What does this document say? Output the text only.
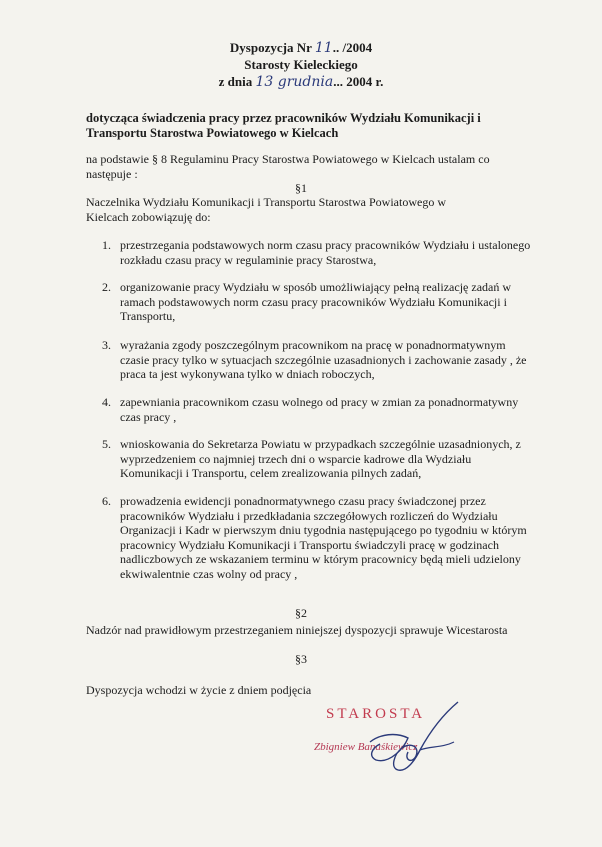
Dyspozycja Nr 11.. /2004
Starosty Kieleckiego
z dnia 13 grudnia... 2004 r.
dotycząca świadczenia pracy przez pracowników Wydziału Komunikacji i Transportu Starostwa Powiatowego w Kielcach
na podstawie § 8 Regulaminu Pracy Starostwa Powiatowego w Kielcach ustalam co następuje :
§1
Naczelnika Wydziału Komunikacji i Transportu Starostwa Powiatowego w Kielcach zobowiązuję do:
1. przestrzegania podstawowych norm czasu pracy pracowników Wydziału i ustalonego rozkładu czasu pracy w regulaminie pracy Starostwa,
2. organizowanie pracy Wydziału w sposób umożliwiający pełną realizację zadań w ramach podstawowych norm czasu pracy pracowników Wydziału Komunikacji i Transportu,
3. wyrażania zgody poszczególnym pracownikom na pracę w ponadnormatywnym czasie pracy tylko w sytuacjach szczególnie uzasadnionych i zachowanie zasady , że praca ta jest wykonywana tylko w dniach roboczych,
4. zapewniania pracownikom czasu wolnego od pracy w zmian za ponadnormatywny czas pracy ,
5. wnioskowania do Sekretarza Powiatu w przypadkach szczególnie uzasadnionych, z wyprzedzeniem co najmniej trzech dni o wsparcie kadrowe dla Wydziału Komunikacji i Transportu, celem zrealizowania pilnych zadań,
6. prowadzenia ewidencji ponadnormatywnego czasu pracy świadczonej przez pracowników Wydziału i przedkładania szczegółowych rozliczeń do Wydziału Organizacji i Kadr w pierwszym dniu tygodnia następującego po tygodniu w którym pracownicy Wydziału Komunikacji i Transportu świadczyli pracę w godzinach nadliczbowych ze wskazaniem terminu w którym pracownicy będą mieli udzielony ekwiwalentnie czas wolny od pracy ,
§2
Nadzór nad prawidłowym przestrzeganiem niniejszej dyspozycji sprawuje Wicestarosta
§3
Dyspozycja wchodzi w życie z dniem podjęcia
STAROSTA
Zbigniew Banaśkiewicz
